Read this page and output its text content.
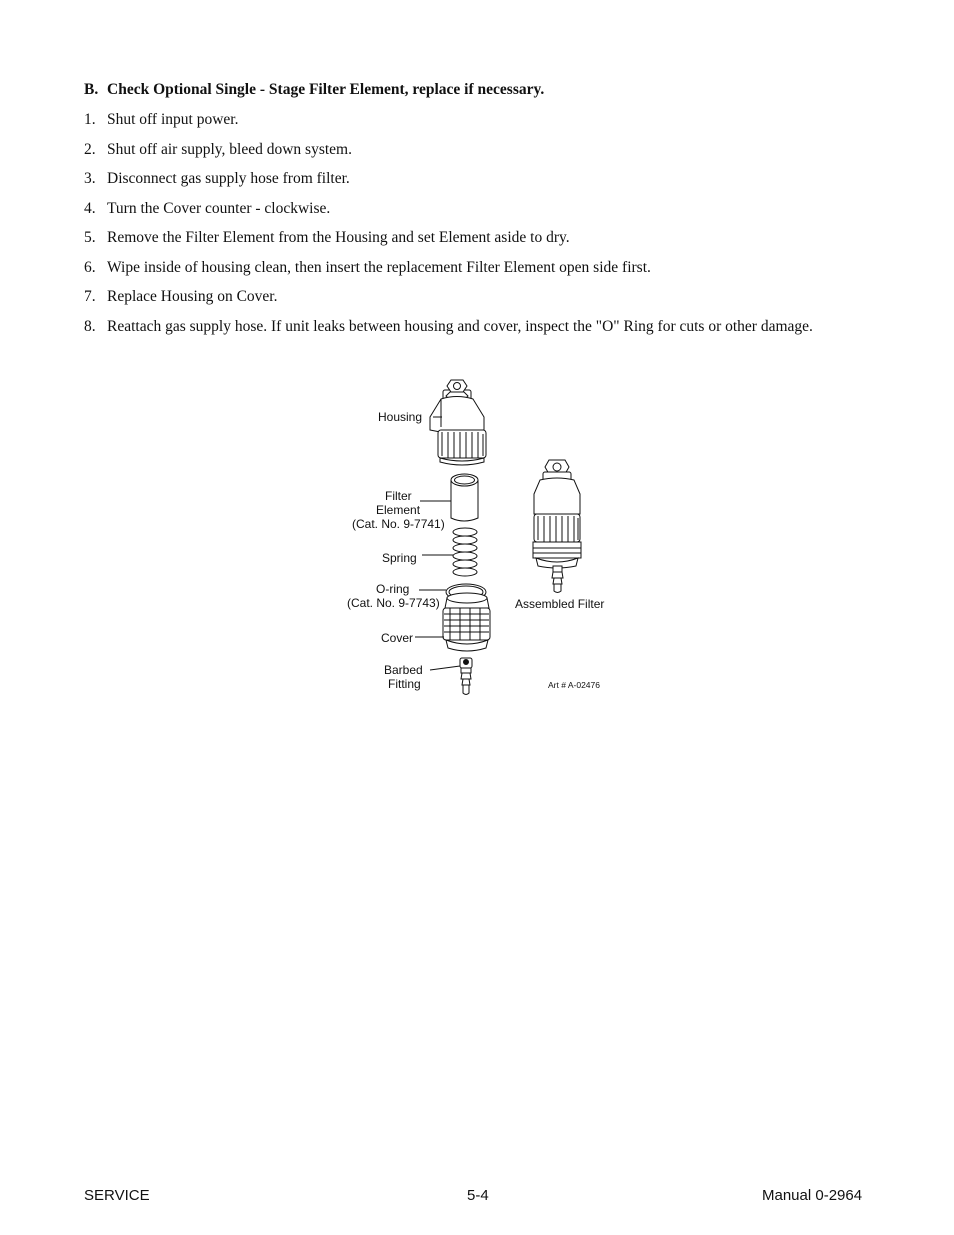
B. Check Optional Single - Stage Filter Element, replace if necessary.
1. Shut off input power.
2. Shut off air supply, bleed down system.
3. Disconnect gas supply hose from filter.
4. Turn the Cover counter - clockwise.
5. Remove the Filter Element from the Housing and set Element aside to dry.
6. Wipe inside of housing clean, then insert the replacement Filter Element open side first.
7. Replace Housing on Cover.
8. Reattach gas supply hose. If unit leaks between housing and cover, inspect the "O" Ring for cuts or other damage.
Housing
Filter
Element
(Cat. No. 9-7741)
Spring
O-ring
(Cat. No. 9-7743)
Cover
Barbed
Fitting
Assembled Filter
Art # A-02476
SERVICE	5-4	Manual 0-2964
